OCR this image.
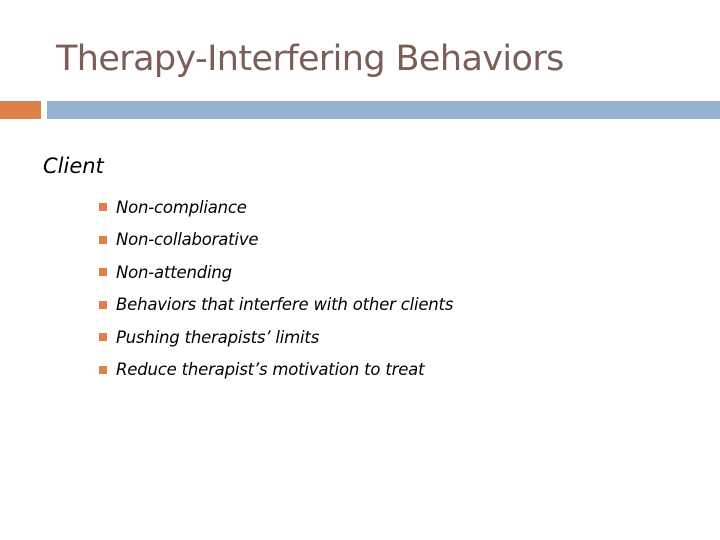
Therapy-Interfering Behaviors

Client

Non-compliance
Non-collaborative
Non-attending
Behaviors that interfere with other clients
Pushing therapists’ limits
Reduce therapist’s motivation to treat
